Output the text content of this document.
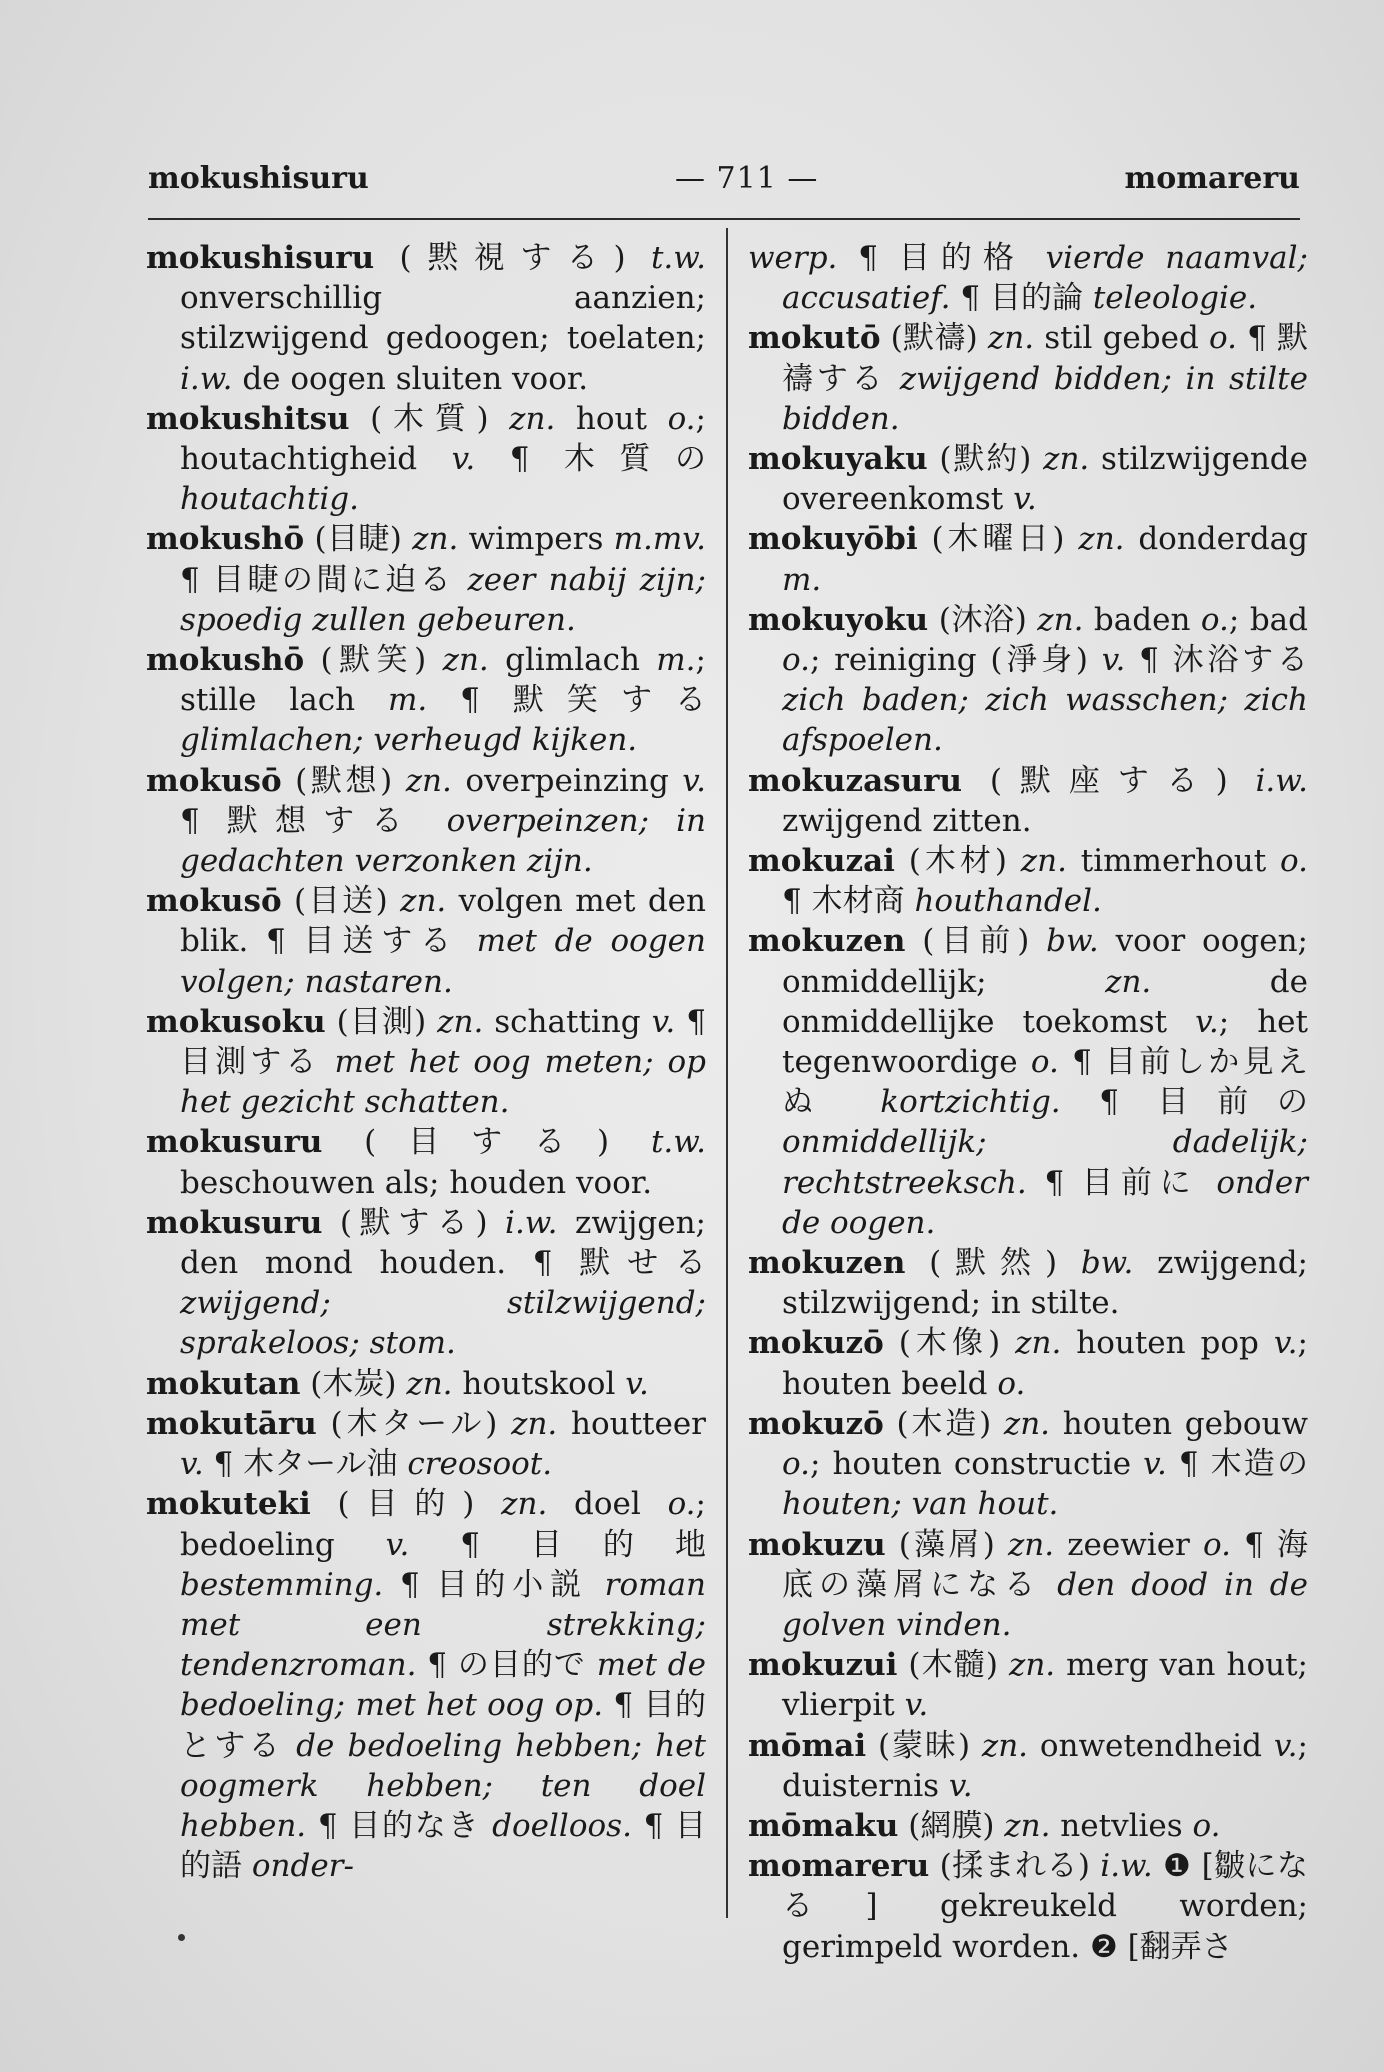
mokushisuru	— 711 —	momareru

mokushisuru (黙視する) t.w. onverschillig aanzien; stilzwijgend gedoogen; toelaten; i.w. de oogen sluiten voor.

mokushitsu (木質) zn. hout o.; houtachtigheid v. ¶ 木質の houtachtig.

mokushō (目睫) zn. wimpers m.mv. ¶ 目睫の間に迫る zeer nabij zijn; spoedig zullen gebeuren.

mokushō (默笑) zn. glimlach m.; stille lach m. ¶ 默笑する glimlachen; verheugd kijken.

mokusō (默想) zn. overpeinzing v. ¶ 默想する overpeinzen; in gedachten verzonken zijn.

mokusō (目送) zn. volgen met den blik. ¶ 目送する met de oogen volgen; nastaren.

mokusoku (目測) zn. schatting v. ¶ 目測する met het oog meten; op het gezicht schatten.

mokusuru (目する) t.w. beschouwen als; houden voor.

mokusuru (默する) i.w. zwijgen; den mond houden. ¶ 默せる zwijgend; stilzwijgend; sprakeloos; stom.

mokutan (木炭) zn. houtskool v.

mokutāru (木タール) zn. houtteer v. ¶ 木タール油 creosoot.

mokuteki (目的) zn. doel o.; bedoeling v. ¶ 目的地 bestemming. ¶ 目的小説 roman met een strekking; tendenzroman. ¶ の目的で met de bedoeling; met het oog op. ¶ 目的とする de bedoeling hebben; het oogmerk hebben; ten doel hebben. ¶ 目的なき doelloos. ¶ 目的語 onder-

werp. ¶ 目的格 vierde naamval; accusatief. ¶ 目的論 teleologie.

mokutō (默禱) zn. stil gebed o. ¶ 默禱する zwijgend bidden; in stilte bidden.

mokuyaku (默約) zn. stilzwijgende overeenkomst v.

mokuyōbi (木曜日) zn. donderdag m.

mokuyoku (沐浴) zn. baden o.; bad o.; reiniging (淨身) v. ¶ 沐浴する zich baden; zich wasschen; zich afspoelen.

mokuzasuru (默座する) i.w. zwijgend zitten.

mokuzai (木材) zn. timmerhout o. ¶ 木材商 houthandel.

mokuzen (目前) bw. voor oogen; onmiddellijk; zn. de onmiddellijke toekomst v.; het tegenwoordige o. ¶ 目前しか見えぬ kortzichtig. ¶ 目前の onmiddellijk; dadelijk; rechtstreeksch. ¶ 目前に onder de oogen.

mokuzen (默然) bw. zwijgend; stilzwijgend; in stilte.

mokuzō (木像) zn. houten pop v.; houten beeld o.

mokuzō (木造) zn. houten gebouw o.; houten constructie v. ¶ 木造の houten; van hout.

mokuzu (藻屑) zn. zeewier o. ¶ 海底の藻屑になる den dood in de golven vinden.

mokuzui (木髓) zn. merg van hout; vlierpit v.

mōmai (蒙昧) zn. onwetendheid v.; duisternis v.

mōmaku (網膜) zn. netvlies o.

momareru (揉まれる) i.w. ❶ [皺になる] gekreukeld worden; gerimpeld worden. ❷ [翻弄さ
